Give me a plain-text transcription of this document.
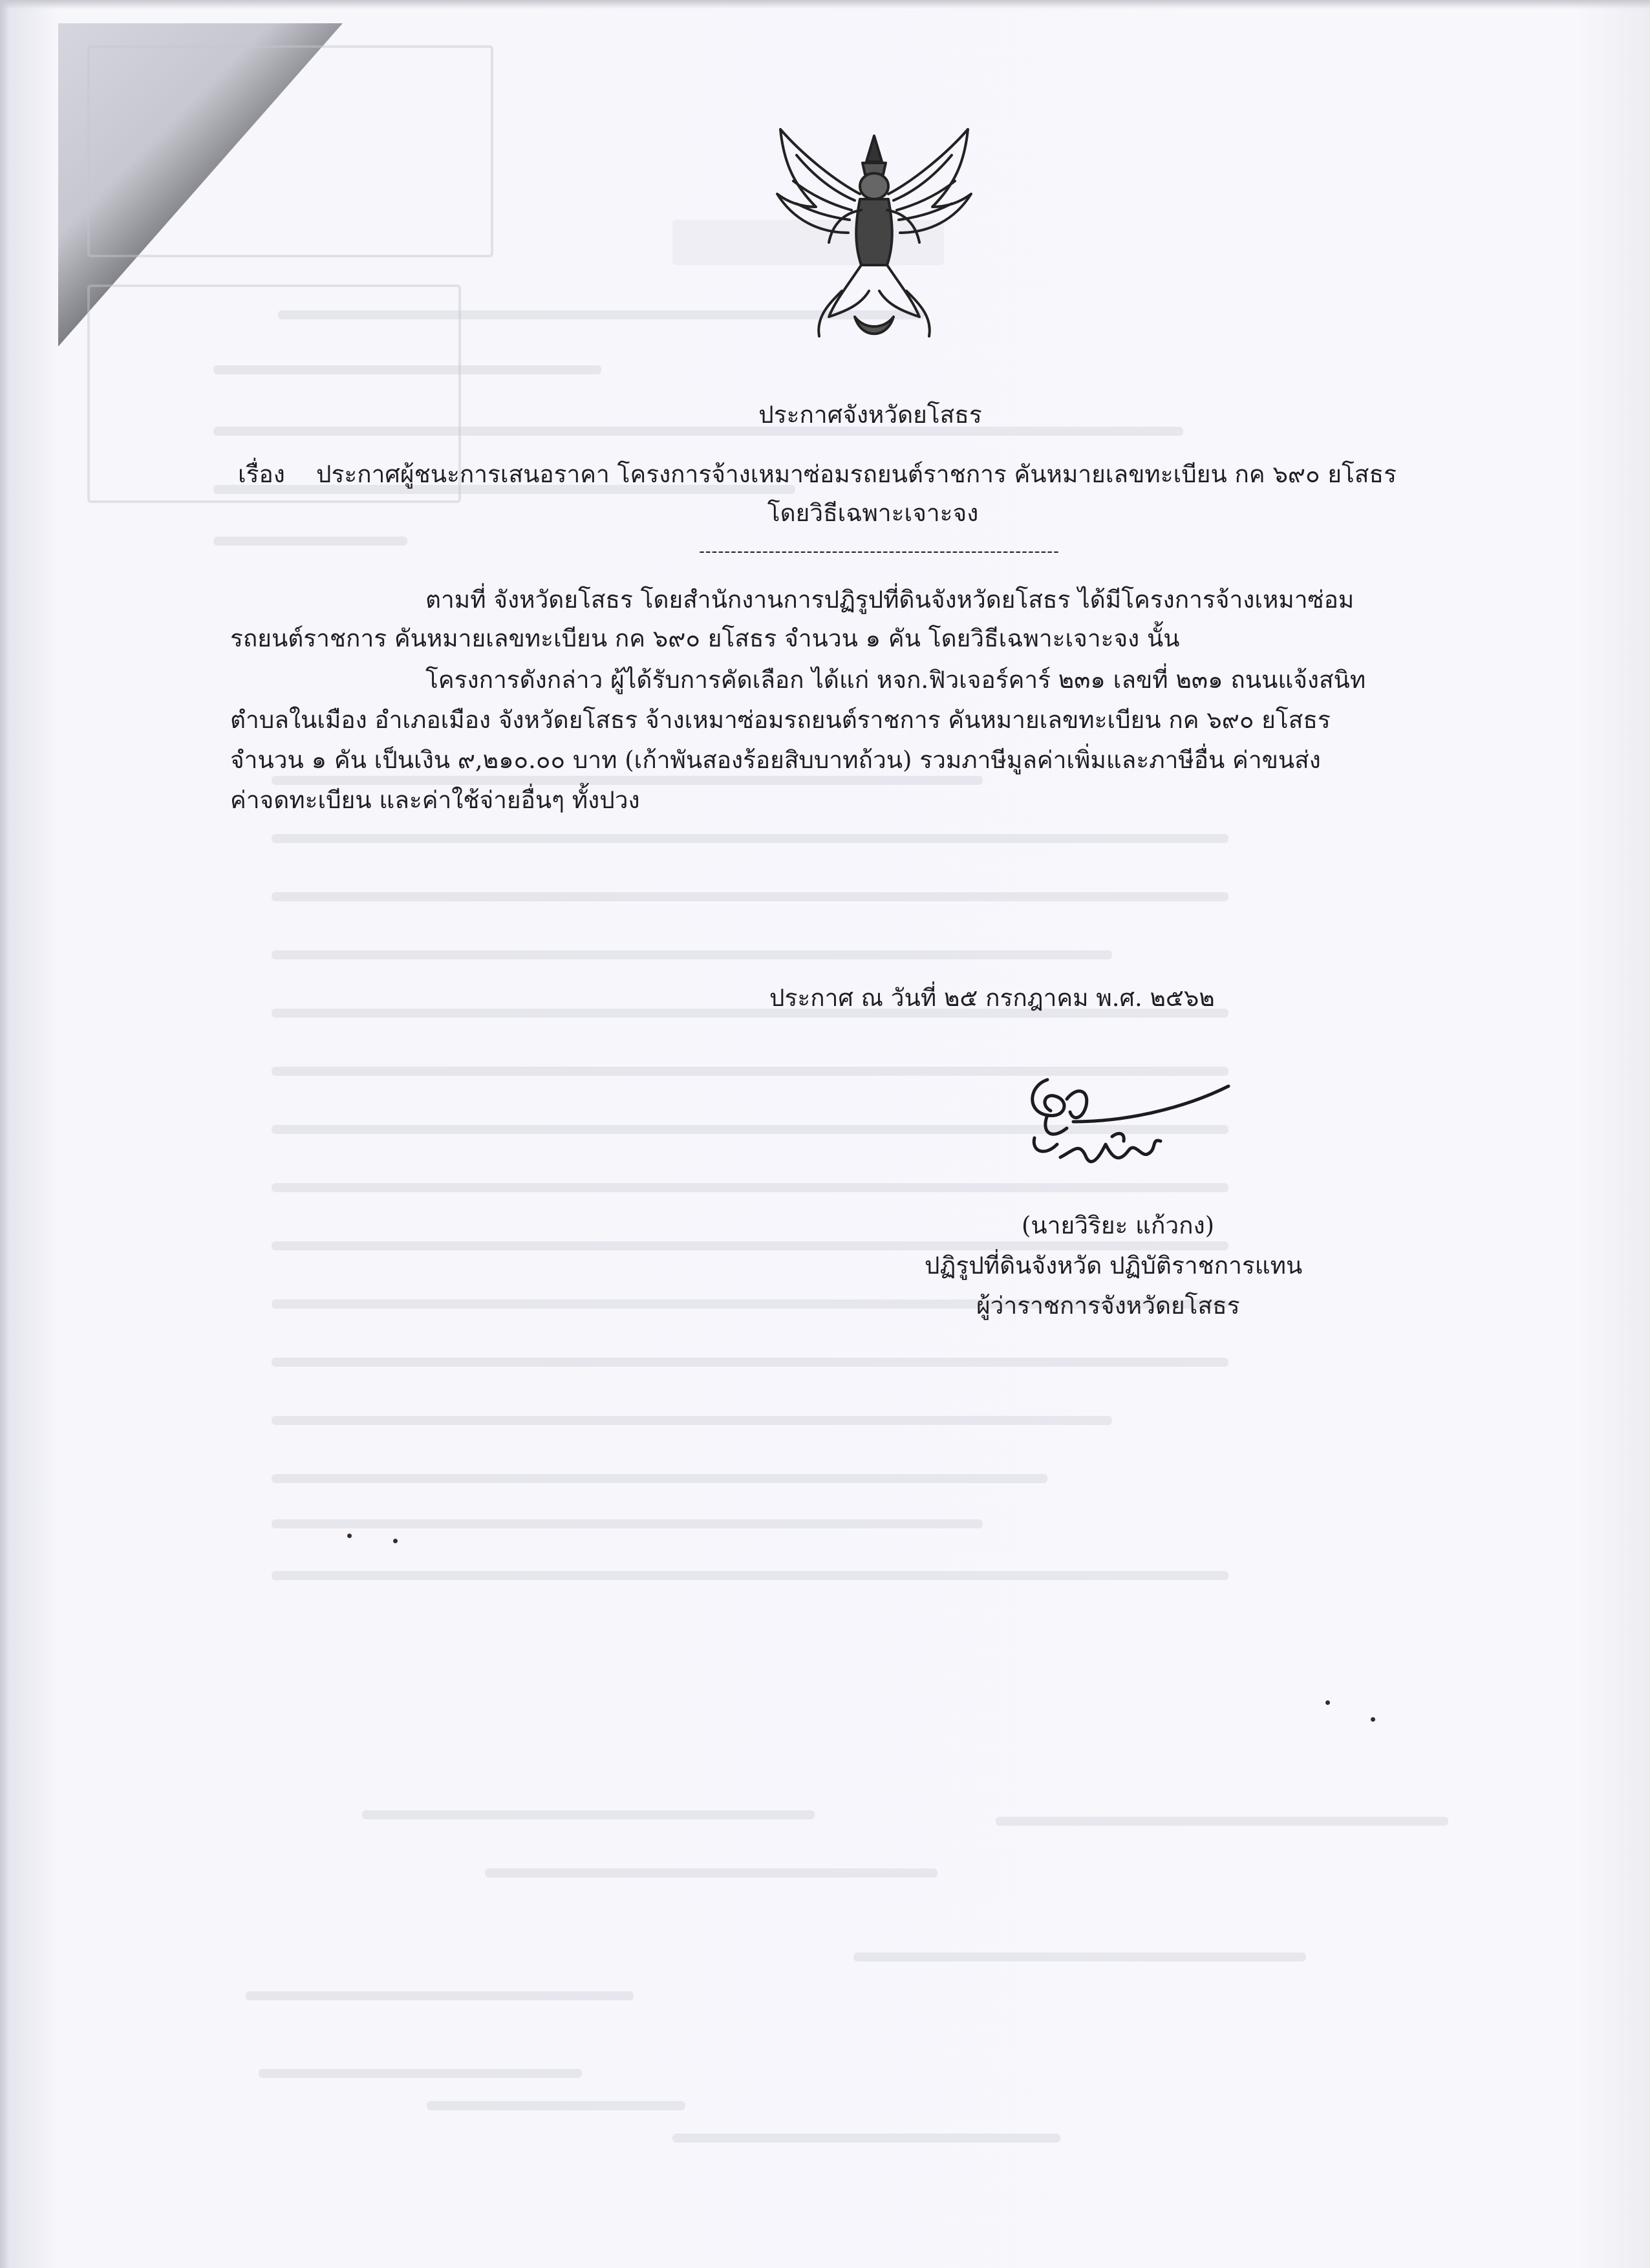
ประกาศจังหวัดยโสธร
เรื่อง ประกาศผู้ชนะการเสนอราคา โครงการจ้างเหมาซ่อมรถยนต์ราชการ คันหมายเลขทะเบียน กค ๖๙๐ ยโสธร
โดยวิธีเฉพาะเจาะจง
---------------------------------------------------------
ตามที่ จังหวัดยโสธร โดยสำนักงานการปฏิรูปที่ดินจังหวัดยโสธร ได้มีโครงการจ้างเหมาซ่อม
รถยนต์ราชการ คันหมายเลขทะเบียน กค ๖๙๐ ยโสธร จำนวน ๑ คัน โดยวิธีเฉพาะเจาะจง นั้น
โครงการดังกล่าว ผู้ได้รับการคัดเลือก ได้แก่ หจก.ฟิวเจอร์คาร์ ๒๓๑ เลขที่ ๒๓๑ ถนนแจ้งสนิท
ตำบลในเมือง อำเภอเมือง จังหวัดยโสธร จ้างเหมาซ่อมรถยนต์ราชการ คันหมายเลขทะเบียน กค ๖๙๐ ยโสธร
จำนวน ๑ คัน เป็นเงิน ๙,๒๑๐.๐๐ บาท (เก้าพันสองร้อยสิบบาทถ้วน) รวมภาษีมูลค่าเพิ่มและภาษีอื่น ค่าขนส่ง
ค่าจดทะเบียน และค่าใช้จ่ายอื่นๆ ทั้งปวง
ประกาศ ณ วันที่ ๒๕ กรกฎาคม พ.ศ. ๒๕๖๒
(นายวิริยะ แก้วกง)
ปฏิรูปที่ดินจังหวัด ปฏิบัติราชการแทน
ผู้ว่าราชการจังหวัดยโสธร
